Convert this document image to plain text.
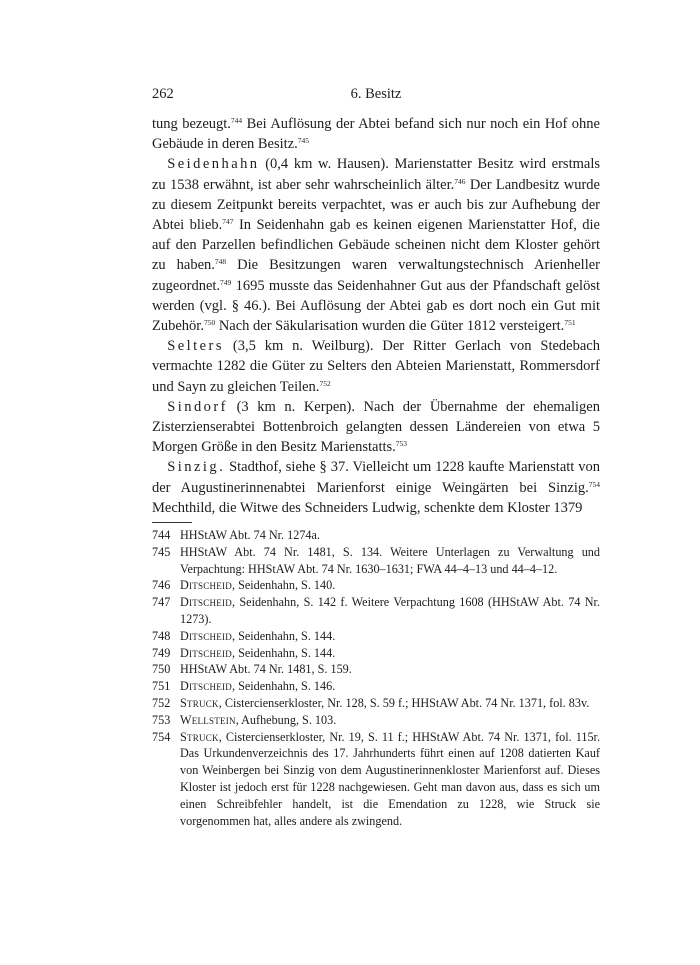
262	6. Besitz

tung bezeugt.$^{744}$ Bei Auflösung der Abtei befand sich nur noch ein Hof ohne Gebäude in deren Besitz.$^{745}$

Seidenhahn (0,4 km w. Hausen). Marienstatter Besitz wird erstmals zu 1538 erwähnt, ist aber sehr wahrscheinlich älter.$^{746}$ Der Landbesitz wurde zu diesem Zeitpunkt bereits verpachtet, was er auch bis zur Aufhebung der Abtei blieb.$^{747}$ In Seidenhahn gab es keinen eigenen Marienstatter Hof, die auf den Parzellen befindlichen Gebäude scheinen nicht dem Kloster gehört zu haben.$^{748}$ Die Besitzungen waren verwaltungstechnisch Arienheller zugeordnet.$^{749}$ 1695 musste das Seidenhahner Gut aus der Pfandschaft gelöst werden (vgl. § 46.). Bei Auflösung der Abtei gab es dort noch ein Gut mit Zubehör.$^{750}$ Nach der Säkularisation wurden die Güter 1812 versteigert.$^{751}$

Selters (3,5 km n. Weilburg). Der Ritter Gerlach von Stedebach vermachte 1282 die Güter zu Selters den Abteien Marienstatt, Rommersdorf und Sayn zu gleichen Teilen.$^{752}$

Sindorf (3 km n. Kerpen). Nach der Übernahme der ehemaligen Zisterzienserabtei Bottenbroich gelangten dessen Ländereien von etwa 5 Morgen Größe in den Besitz Marienstatts.$^{753}$

Sinzig. Stadthof, siehe § 37. Vielleicht um 1228 kaufte Marienstatt von der Augustinerinnenabtei Marienforst einige Weingärten bei Sinzig.$^{754}$ Mechthild, die Witwe des Schneiders Ludwig, schenkte dem Kloster 1379

744 HHStAW Abt. 74 Nr. 1274a.
745 HHStAW Abt. 74 Nr. 1481, S. 134. Weitere Unterlagen zu Verwaltung und Verpachtung: HHStAW Abt. 74 Nr. 1630–1631; FWA 44–4–13 und 44–4–12.
746 Ditscheid, Seidenhahn, S. 140.
747 Ditscheid, Seidenhahn, S. 142 f. Weitere Verpachtung 1608 (HHStAW Abt. 74 Nr. 1273).
748 Ditscheid, Seidenhahn, S. 144.
749 Ditscheid, Seidenhahn, S. 144.
750 HHStAW Abt. 74 Nr. 1481, S. 159.
751 Ditscheid, Seidenhahn, S. 146.
752 Struck, Cistercienserkloster, Nr. 128, S. 59 f.; HHStAW Abt. 74 Nr. 1371, fol. 83v.
753 Wellstein, Aufhebung, S. 103.
754 Struck, Cistercienserkloster, Nr. 19, S. 11 f.; HHStAW Abt. 74 Nr. 1371, fol. 115r. Das Urkundenverzeichnis des 17. Jahrhunderts führt einen auf 1208 datierten Kauf von Weinbergen bei Sinzig von dem Augustinerinnenkloster Marienforst auf. Dieses Kloster ist jedoch erst für 1228 nachgewiesen. Geht man davon aus, dass es sich um einen Schreibfehler handelt, ist die Emendation zu 1228, wie Struck sie vorgenommen hat, alles andere als zwingend.
